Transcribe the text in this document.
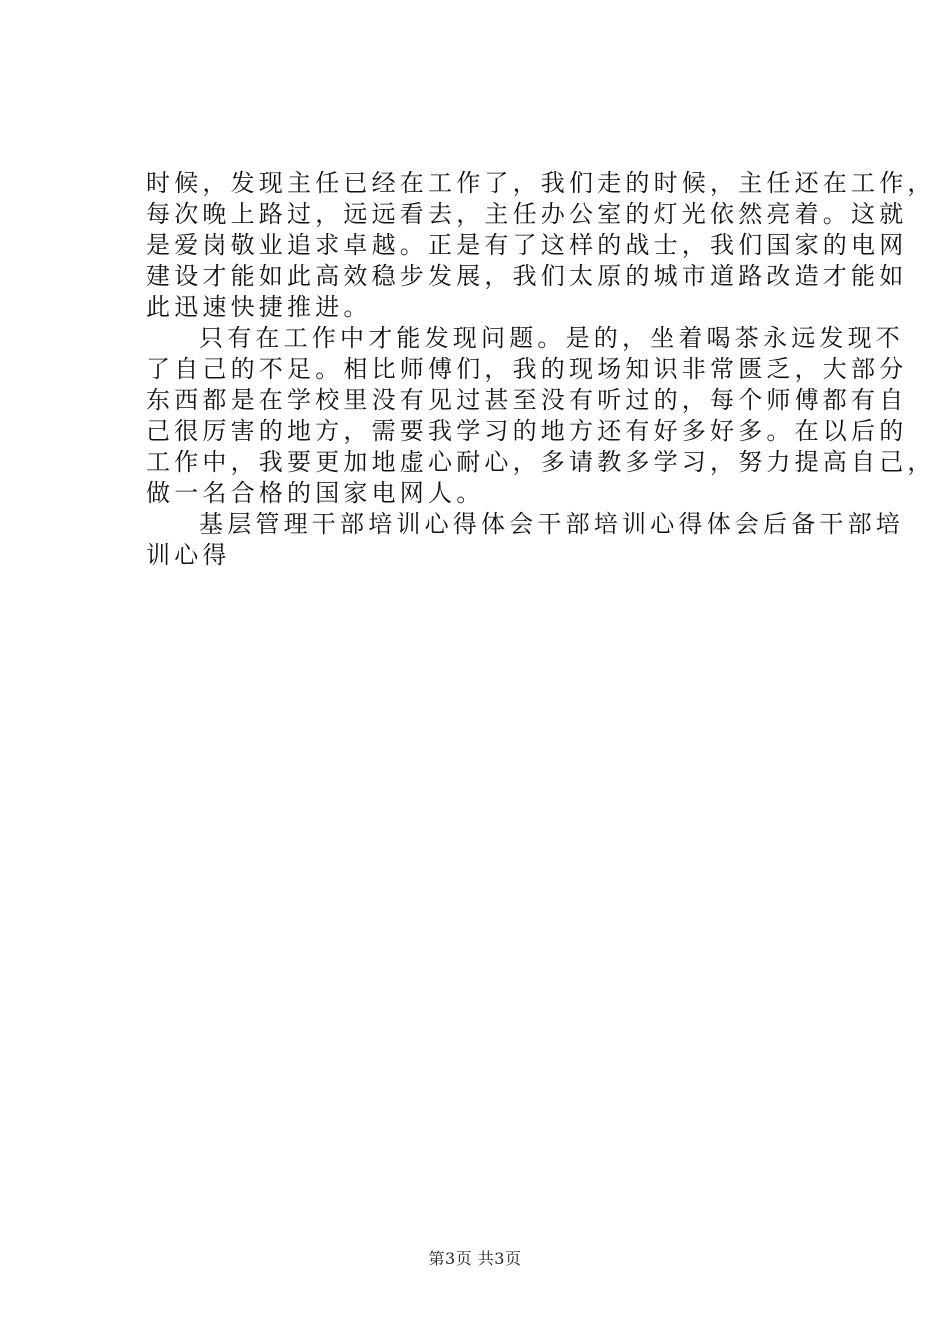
时候，发现主任已经在工作了，我们走的时候，主任还在工作，
每次晚上路过，远远看去，主任办公室的灯光依然亮着。这就
是爱岗敬业追求卓越。正是有了这样的战士，我们国家的电网
建设才能如此高效稳步发展，我们太原的城市道路改造才能如
此迅速快捷推进。
只有在工作中才能发现问题。是的，坐着喝茶永远发现不
了自己的不足。相比师傅们，我的现场知识非常匮乏，大部分
东西都是在学校里没有见过甚至没有听过的，每个师傅都有自
己很厉害的地方，需要我学习的地方还有好多好多。在以后的
工作中，我要更加地虚心耐心，多请教多学习，努力提高自己，
做一名合格的国家电网人。
基层管理干部培训心得体会干部培训心得体会后备干部培
训心得
第3页 共3页
